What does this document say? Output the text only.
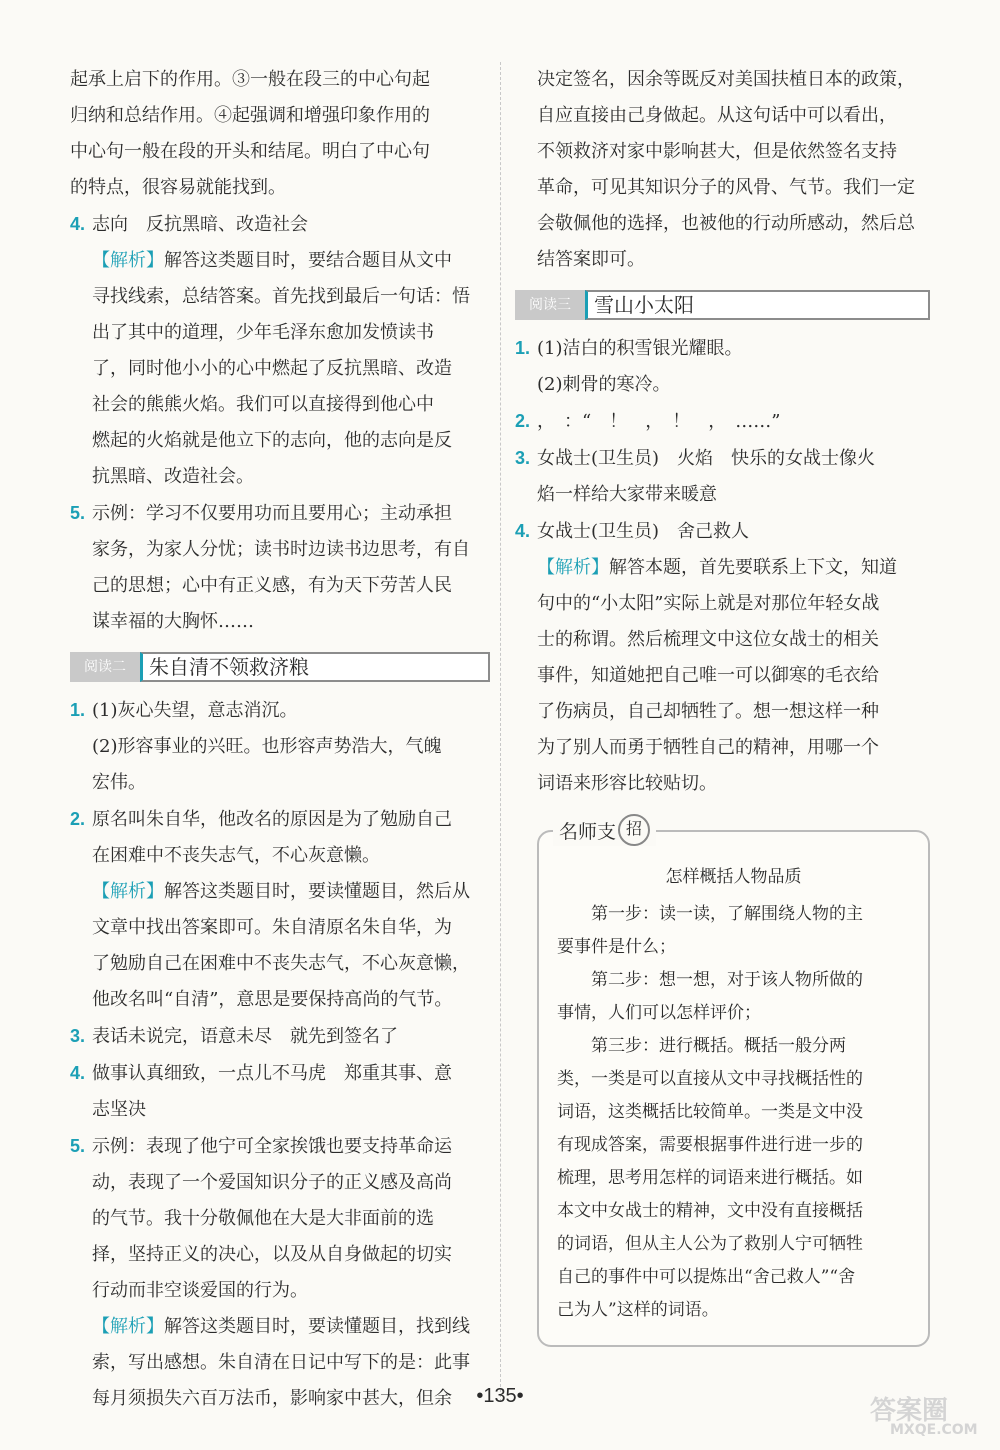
起承上启下的作用。③一般在段三的中心句起

归纳和总结作用。④起强调和增强印象作用的

中心句一般在段的开头和结尾。明白了中心句

的特点，很容易就能找到。

4. 志向　反抗黑暗、改造社会

【解析】解答这类题目时，要结合题目从文中

寻找线索，总结答案。首先找到最后一句话：悟

出了其中的道理，少年毛泽东愈加发愤读书

了，同时他小小的心中燃起了反抗黑暗、改造

社会的熊熊火焰。我们可以直接得到他心中

燃起的火焰就是他立下的志向，他的志向是反

抗黑暗、改造社会。

5. 示例：学习不仅要用功而且要用心；主动承担

家务，为家人分忧；读书时边读书边思考，有自

己的思想；心中有正义感，有为天下劳苦人民

谋幸福的大胸怀……

阅读二	朱自清不领救济粮

1. (1)灰心失望，意志消沉。

(2)形容事业的兴旺。也形容声势浩大，气魄

宏伟。

2. 原名叫朱自华，他改名的原因是为了勉励自己

在困难中不丧失志气，不心灰意懒。

【解析】解答这类题目时，要读懂题目，然后从

文章中找出答案即可。朱自清原名朱自华，为

了勉励自己在困难中不丧失志气，不心灰意懒，

他改名叫“自清”，意思是要保持高尚的气节。

3. 表话未说完，语意未尽　就先到签名了

4. 做事认真细致，一点儿不马虎　郑重其事、意

志坚决

5. 示例：表现了他宁可全家挨饿也要支持革命运

动，表现了一个爱国知识分子的正义感及高尚

的气节。我十分敬佩他在大是大非面前的选

择，坚持正义的决心，以及从自身做起的切实

行动而非空谈爱国的行为。

【解析】解答这类题目时，要读懂题目，找到线

索，写出感想。朱自清在日记中写下的是：此事

每月须损失六百万法币，影响家中甚大，但余

决定签名，因余等既反对美国扶植日本的政策，

自应直接由己身做起。从这句话中可以看出，

不领救济对家中影响甚大，但是依然签名支持

革命，可见其知识分子的风骨、气节。我们一定

会敬佩他的选择，也被他的行动所感动，然后总

结答案即可。

阅读三	雪山小太阳

1. (1)洁白的积雪银光耀眼。

(2)刺骨的寒冷。

2. ，　：“　！　，　！　，　……”

3. 女战士(卫生员)　火焰　快乐的女战士像火

焰一样给大家带来暖意

4. 女战士(卫生员)　舍己救人

【解析】解答本题，首先要联系上下文，知道

句中的“小太阳”实际上就是对那位年轻女战

士的称谓。然后梳理文中这位女战士的相关

事件，知道她把自己唯一可以御寒的毛衣给

了伤病员，自己却牺牲了。想一想这样一种

为了别人而勇于牺牲自己的精神，用哪一个

词语来形容比较贴切。

名师支 招
怎样概括人物品质

第一步：读一读，了解围绕人物的主

要事件是什么；

第二步：想一想，对于该人物所做的

事情，人们可以怎样评价；

第三步：进行概括。概括一般分两

类，一类是可以直接从文中寻找概括性的

词语，这类概括比较简单。一类是文中没

有现成答案，需要根据事件进行进一步的

梳理，思考用怎样的词语来进行概括。如

本文中女战士的精神，文中没有直接概括

的词语，但从主人公为了救别人宁可牺牲

自己的事件中可以提炼出“舍己救人”“舍

己为人”这样的词语。

•135•	答案圈
MXQE.COM
